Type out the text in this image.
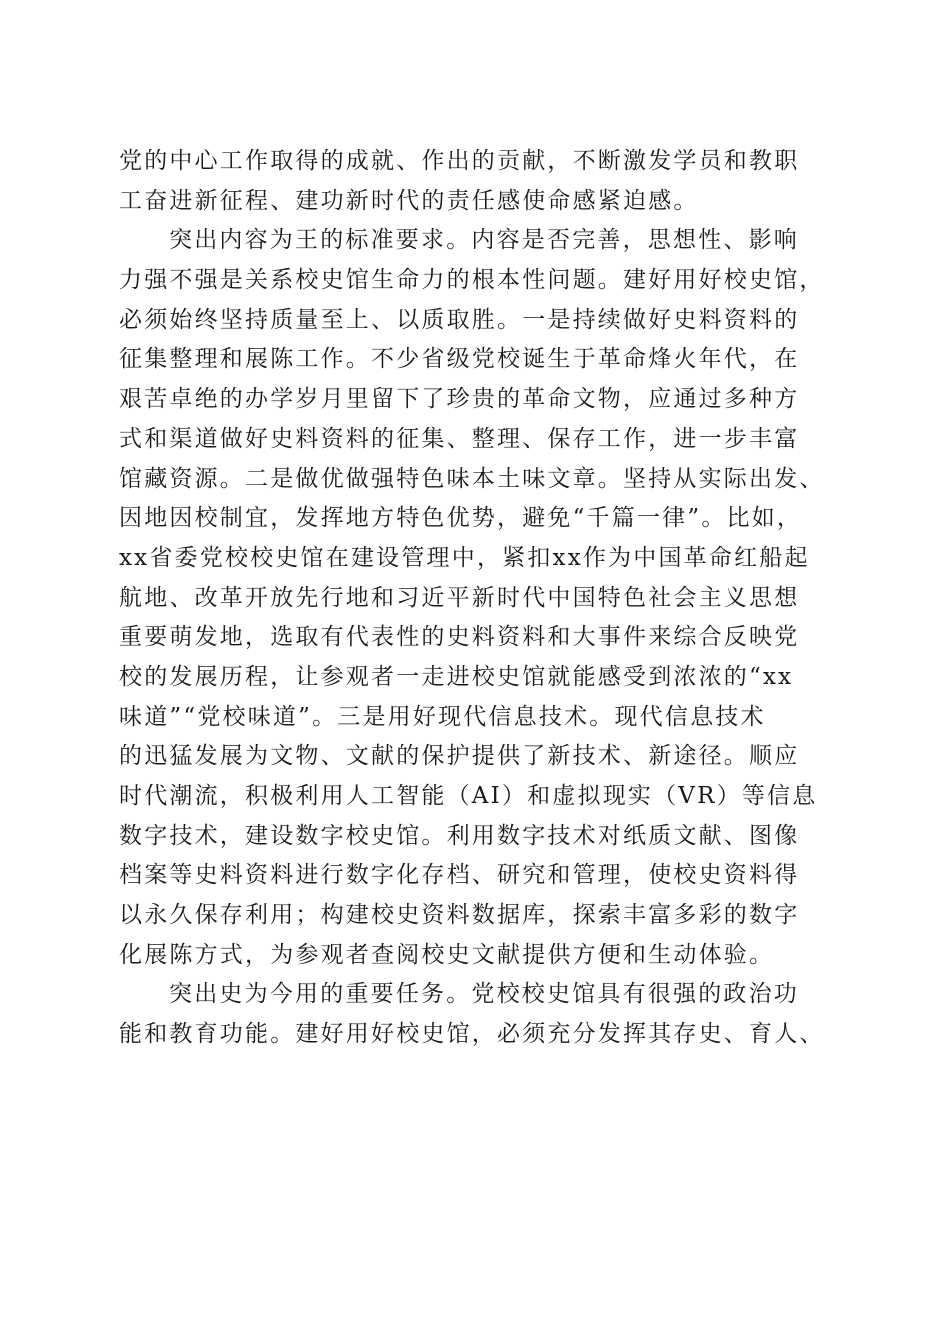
党的中心工作取得的成就、作出的贡献，不断激发学员和教职
工奋进新征程、建功新时代的责任感使命感紧迫感。
突出内容为王的标准要求。内容是否完善，思想性、影响
力强不强是关系校史馆生命力的根本性问题。建好用好校史馆，
必须始终坚持质量至上、以质取胜。一是持续做好史料资料的
征集整理和展陈工作。不少省级党校诞生于革命烽火年代，在
艰苦卓绝的办学岁月里留下了珍贵的革命文物，应通过多种方
式和渠道做好史料资料的征集、整理、保存工作，进一步丰富
馆藏资源。二是做优做强特色味本土味文章。坚持从实际出发、
因地因校制宜，发挥地方特色优势，避免“千篇一律”。比如，
xx省委党校校史馆在建设管理中，紧扣xx作为中国革命红船起
航地、改革开放先行地和习近平新时代中国特色社会主义思想
重要萌发地，选取有代表性的史料资料和大事件来综合反映党
校的发展历程，让参观者一走进校史馆就能感受到浓浓的“xx
味道”“党校味道”。三是用好现代信息技术。现代信息技术
的迅猛发展为文物、文献的保护提供了新技术、新途径。顺应
时代潮流，积极利用人工智能（AI）和虚拟现实（VR）等信息
数字技术，建设数字校史馆。利用数字技术对纸质文献、图像
档案等史料资料进行数字化存档、研究和管理，使校史资料得
以永久保存利用；构建校史资料数据库，探索丰富多彩的数字
化展陈方式，为参观者查阅校史文献提供方便和生动体验。
突出史为今用的重要任务。党校校史馆具有很强的政治功
能和教育功能。建好用好校史馆，必须充分发挥其存史、育人、
